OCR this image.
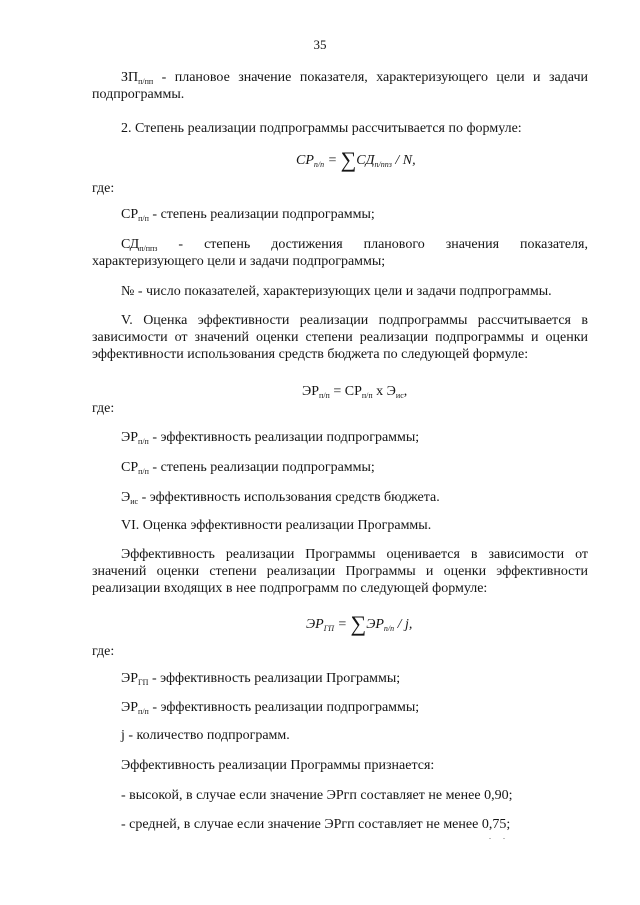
35

$ЗП_{п/пп}$ - плановое значение показателя, характеризующего цели и задачи подпрограммы.

2. Степень реализации подпрограммы рассчитывается по формуле:

$СР_{п/п} = \sum СД_{п/ппз} / N$,

где:

$СР_{п/п}$ - степень реализации подпрограммы;

$СД_{п/ппз}$ - степень достижения планового значения показателя, характеризующего цели и задачи подпрограммы;

№ - число показателей, характеризующих цели и задачи подпрограммы.

V. Оценка эффективности реализации подпрограммы рассчитывается в зависимости от значений оценки степени реализации подпрограммы и оценки эффективности использования средств бюджета по следующей формуле:

$ЭР_{п/п} = СР_{п/п}$ х $Э_{ис}$,

где:

$ЭР_{п/п}$ - эффективность реализации подпрограммы;

$СР_{п/п}$ - степень реализации подпрограммы;

$Э_{ис}$ - эффективность использования средств бюджета.

VI. Оценка эффективности реализации Программы.

Эффективность реализации Программы оценивается в зависимости от значений оценки степени реализации Программы и оценки эффективности реализации входящих в нее подпрограмм по следующей формуле:

$ЭР_{ГП} = \sum ЭР_{п/п} / j$,

где:

$ЭР_{ГП}$ - эффективность реализации Программы;

$ЭР_{п/п}$ - эффективность реализации подпрограммы;

j - количество подпрограмм.

Эффективность реализации Программы признается:

- высокой, в случае если значение ЭРгп составляет не менее 0,90;

- средней, в случае если значение ЭРгп составляет не менее 0,75;
